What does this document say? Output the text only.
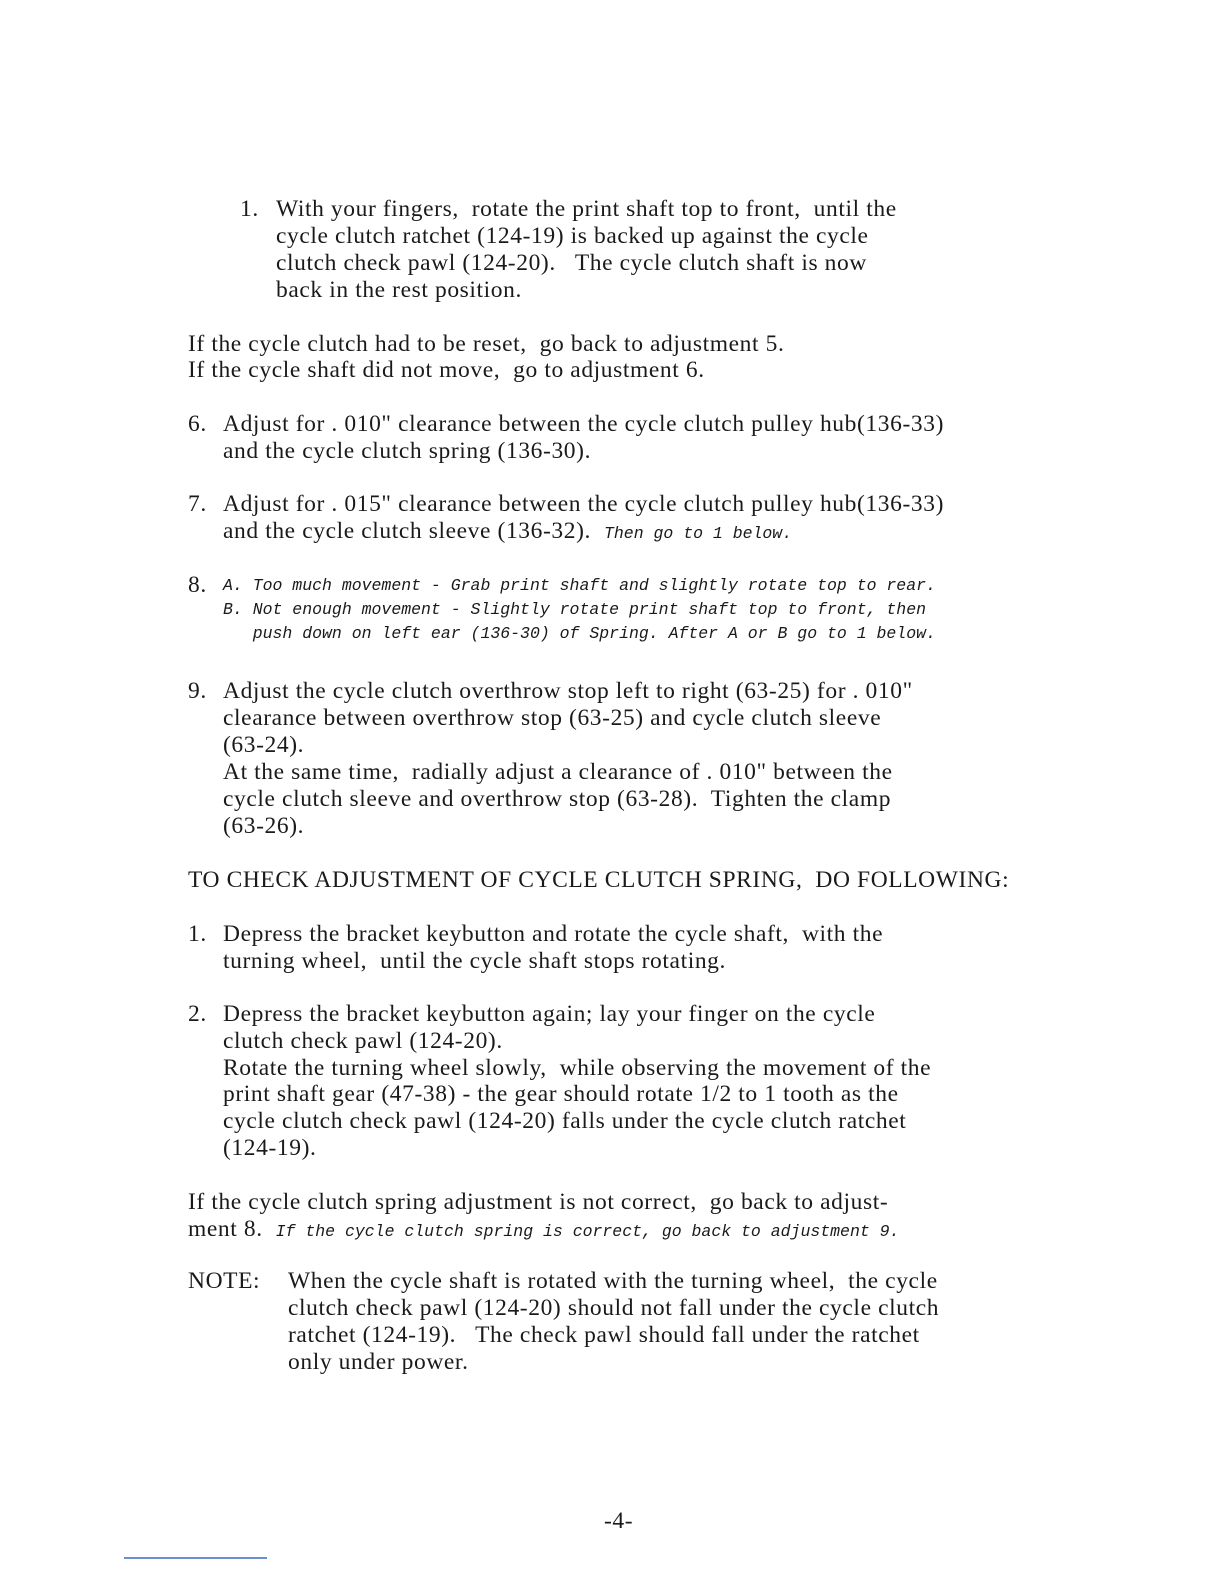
1. With your fingers,  rotate the print shaft top to front,  until the
cycle clutch ratchet (124-19) is backed up against the cycle
clutch check pawl (124-20).   The cycle clutch shaft is now
back in the rest position.
If the cycle clutch had to be reset,  go back to adjustment 5.
If the cycle shaft did not move,  go to adjustment 6.
6. Adjust for . 010" clearance between the cycle clutch pulley hub(136-33)
and the cycle clutch spring (136-30).
7. Adjust for . 015" clearance between the cycle clutch pulley hub(136-33)
and the cycle clutch sleeve (136-32). Then go to 1 below.
8. A. Too much movement - Grab print shaft and slightly rotate top to rear.
B. Not enough movement - Slightly rotate print shaft top to front, then
push down on left ear (136-30) of Spring. After A or B go to 1 below.
9. Adjust the cycle clutch overthrow stop left to right (63-25) for . 010"
clearance between overthrow stop (63-25) and cycle clutch sleeve
(63-24).
At the same time,  radially adjust a clearance of . 010" between the
cycle clutch sleeve and overthrow stop (63-28).  Tighten the clamp
(63-26).
TO CHECK ADJUSTMENT OF CYCLE CLUTCH SPRING,  DO FOLLOWING:
1. Depress the bracket keybutton and rotate the cycle shaft,  with the
turning wheel,  until the cycle shaft stops rotating.
2. Depress the bracket keybutton again; lay your finger on the cycle
clutch check pawl (124-20).
Rotate the turning wheel slowly,  while observing the movement of the
print shaft gear (47-38) - the gear should rotate 1/2 to 1 tooth as the
cycle clutch check pawl (124-20) falls under the cycle clutch ratchet
(124-19).
If the cycle clutch spring adjustment is not correct,  go back to adjust-
ment 8. If the cycle clutch spring is correct, go back to adjustment 9.
NOTE: When the cycle shaft is rotated with the turning wheel,  the cycle
clutch check pawl (124-20) should not fall under the cycle clutch
ratchet (124-19).   The check pawl should fall under the ratchet
only under power.
-4-
